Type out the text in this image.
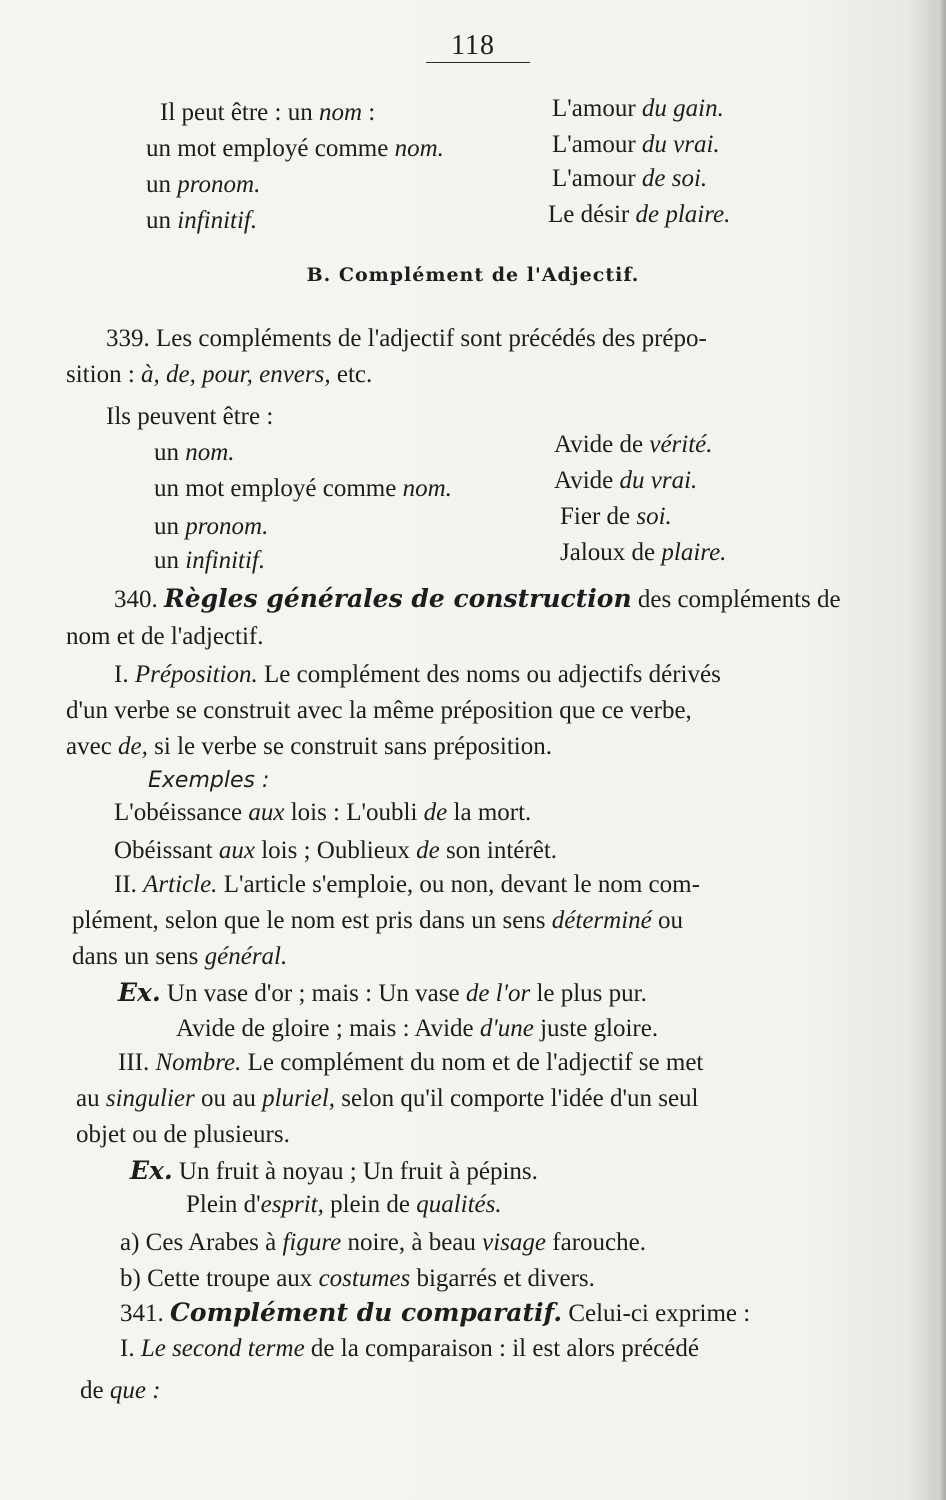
118
Il peut être : un nom :	L'amour du gain.
un mot employé comme nom.	L'amour du vrai.
un pronom.	L'amour de soi.
un infinitif.	Le désir de plaire.
B. Complément de l'Adjectif.
339. Les compléments de l'adjectif sont précédés des prépo-
sition : à, de, pour, envers, etc.
Ils peuvent être :
un nom.	Avide de vérité.
un mot employé comme nom.	Avide du vrai.
un pronom.	Fier de soi.
un infinitif.	Jaloux de plaire.
340. Règles générales de construction des compléments de
nom et de l'adjectif.
I. Préposition. Le complément des noms ou adjectifs dérivés
d'un verbe se construit avec la même préposition que ce verbe,
avec de, si le verbe se construit sans préposition.
Exemples :
L'obéissance aux lois : L'oubli de la mort.
Obéissant aux lois ; Oublieux de son intérêt.
II. Article. L'article s'emploie, ou non, devant le nom com-
plément, selon que le nom est pris dans un sens déterminé ou
dans un sens général.
Ex. Un vase d'or ; mais : Un vase de l'or le plus pur.
Avide de gloire ; mais : Avide d'une juste gloire.
III. Nombre. Le complément du nom et de l'adjectif se met
au singulier ou au pluriel, selon qu'il comporte l'idée d'un seul
objet ou de plusieurs.
Ex. Un fruit à noyau ; Un fruit à pépins.
Plein d'esprit, plein de qualités.
a) Ces Arabes à figure noire, à beau visage farouche.
b) Cette troupe aux costumes bigarrés et divers.
341. Complément du comparatif. Celui-ci exprime :
I. Le second terme de la comparaison : il est alors précédé
de que :
